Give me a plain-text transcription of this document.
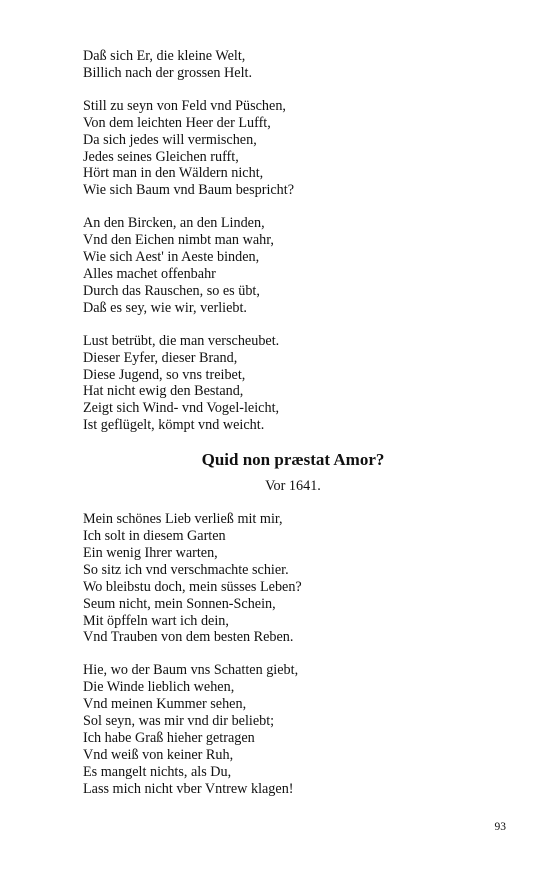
Daß sich Er, die kleine Welt,
Billich nach der grossen Helt.
Still zu seyn von Feld vnd Püschen,
Von dem leichten Heer der Lufft,
Da sich jedes will vermischen,
Jedes seines Gleichen rufft,
Hört man in den Wäldern nicht,
Wie sich Baum vnd Baum bespricht?
An den Bircken, an den Linden,
Vnd den Eichen nimbt man wahr,
Wie sich Aest' in Aeste binden,
Alles machet offenbahr
Durch das Rauschen, so es übt,
Daß es sey, wie wir, verliebt.
Lust betrübt, die man verscheubet.
Dieser Eyfer, dieser Brand,
Diese Jugend, so vns treibet,
Hat nicht ewig den Bestand,
Zeigt sich Wind- vnd Vogel-leicht,
Ist geflügelt, kömpt vnd weicht.
Quid non præstat Amor?
Vor 1641.
Mein schönes Lieb verließ mit mir,
Ich solt in diesem Garten
Ein wenig Ihrer warten,
So sitz ich vnd verschmachte schier.
Wo bleibstu doch, mein süsses Leben?
Seum nicht, mein Sonnen-Schein,
Mit öpffeln wart ich dein,
Vnd Trauben von dem besten Reben.
Hie, wo der Baum vns Schatten giebt,
Die Winde lieblich wehen,
Vnd meinen Kummer sehen,
Sol seyn, was mir vnd dir beliebt;
Ich habe Graß hieher getragen
Vnd weiß von keiner Ruh,
Es mangelt nichts, als Du,
Lass mich nicht vber Vntrew klagen!
93
